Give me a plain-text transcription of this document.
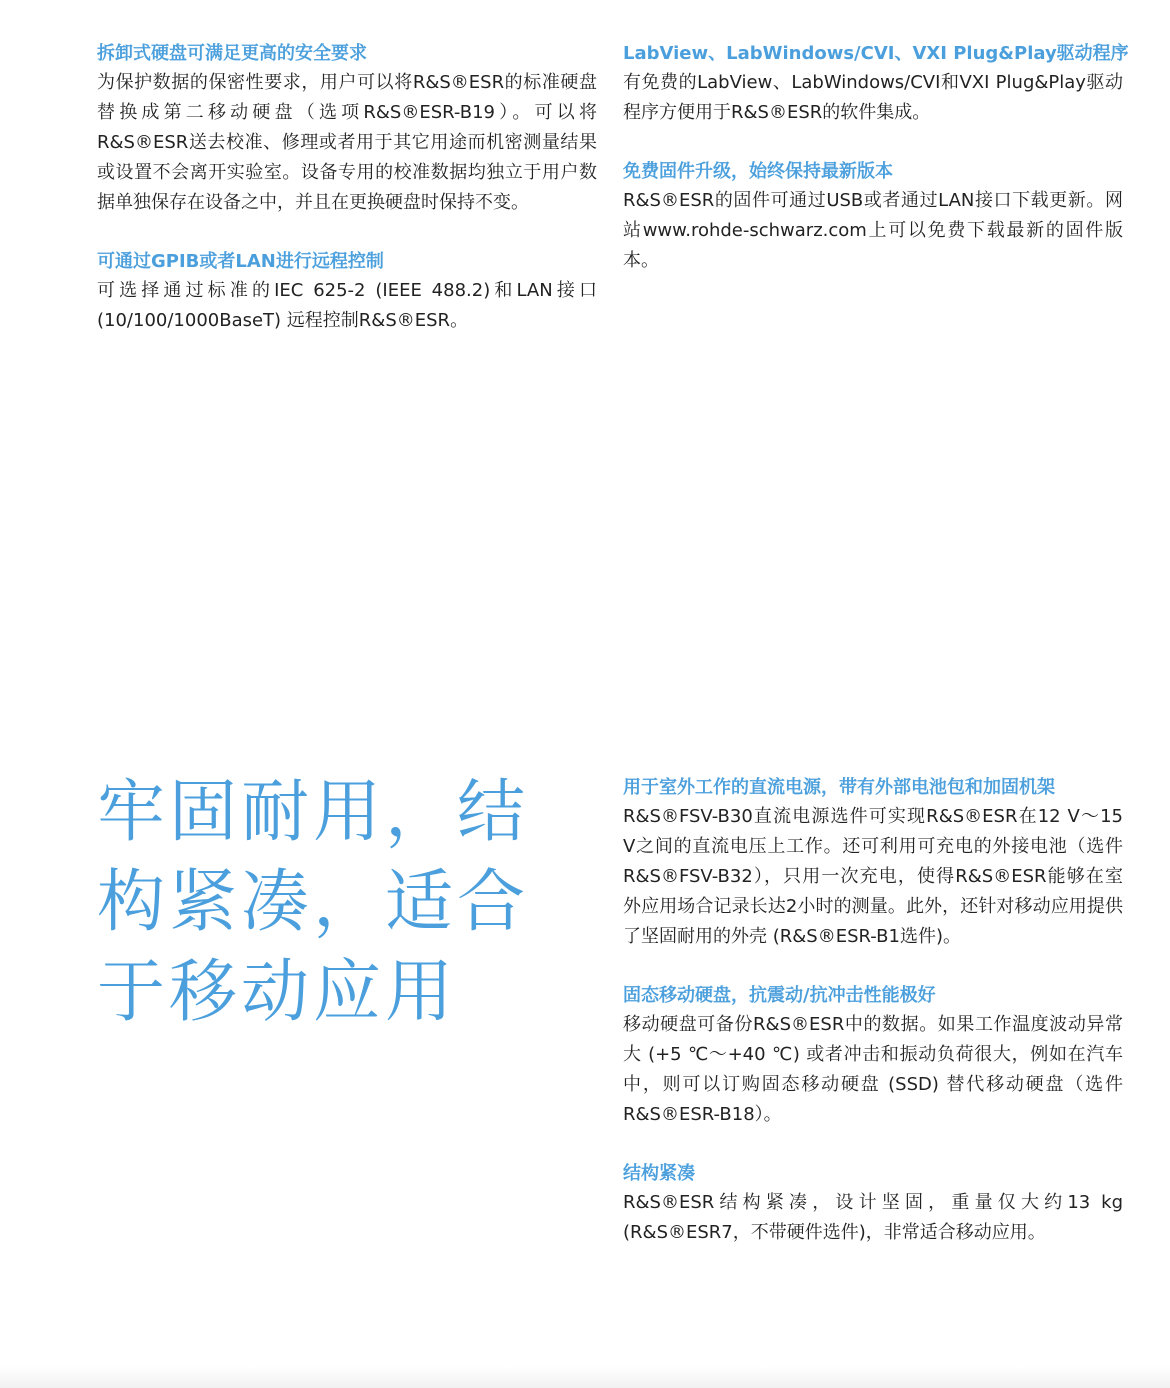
拆卸式硬盘可满足更高的安全要求

为保护数据的保密性要求，用户可以将R&S®ESR的标准硬盘替换成第二移动硬盘（选项R&S®ESR-B19）。可以将R&S®ESR送去校准、修理或者用于其它用途而机密测量结果或设置不会离开实验室。设备专用的校准数据均独立于用户数据单独保存在设备之中，并且在更换硬盘时保持不变。

可通过GPIB或者LAN进行远程控制

可选择通过标准的IEC 625-2 (IEEE 488.2)和LAN接口(10/100/1000BaseT) 远程控制R&S®ESR。

LabView、LabWindows/CVI、VXI Plug&Play驱动程序

有免费的LabView、LabWindows/CVI和VXI Plug&Play驱动程序方便用于R&S®ESR的软件集成。

免费固件升级，始终保持最新版本

R&S®ESR的固件可通过USB或者通过LAN接口下载更新。网站www.rohde-schwarz.com上可以免费下载最新的固件版本。

牢固耐用，结构紧凑，适合于移动应用

用于室外工作的直流电源，带有外部电池包和加固机架

R&S®FSV-B30直流电源选件可实现R&S®ESR在12 V～15 V之间的直流电压上工作。还可利用可充电的外接电池（选件R&S®FSV-B32），只用一次充电，使得R&S®ESR能够在室外应用场合记录长达2小时的测量。此外，还针对移动应用提供了坚固耐用的外壳 (R&S®ESR-B1选件)。

固态移动硬盘，抗震动/抗冲击性能极好

移动硬盘可备份R&S®ESR中的数据。如果工作温度波动异常大 (+5 ℃～+40 ℃) 或者冲击和振动负荷很大，例如在汽车中，则可以订购固态移动硬盘 (SSD) 替代移动硬盘（选件R&S®ESR-B18）。

结构紧凑

R&S®ESR结构紧凑，设计坚固，重量仅大约13 kg (R&S®ESR7，不带硬件选件)，非常适合移动应用。
